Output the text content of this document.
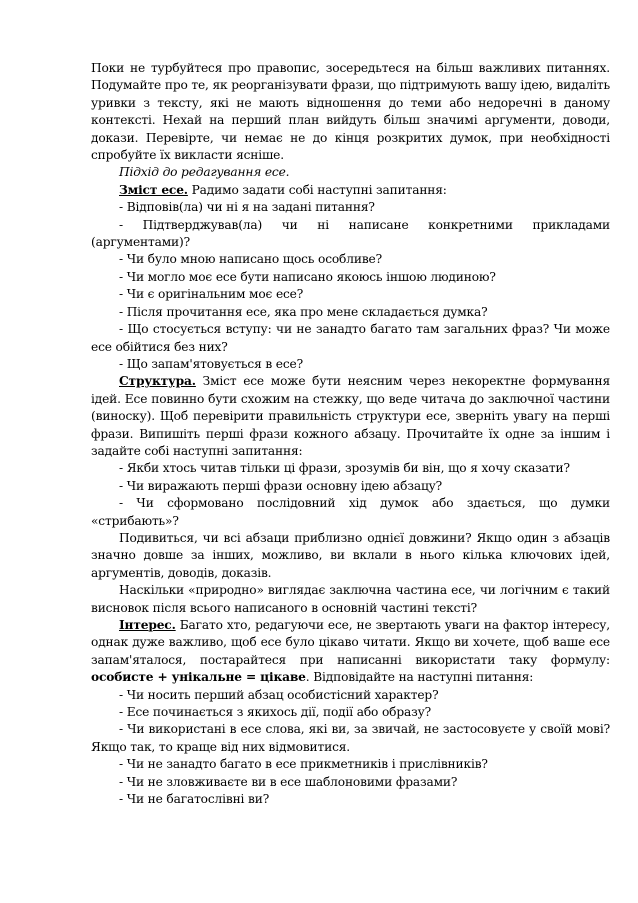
Поки не турбуйтеся про правопис, зосередьтеся на більш важливих питаннях. Подумайте про те, як реорганізувати фрази, що підтримують вашу ідею, видаліть уривки з тексту, які не мають відношення до теми або недоречні в даному контексті. Нехай на перший план вийдуть більш значимі аргументи, доводи, докази. Перевірте, чи немає не до кінця розкритих думок, при необхідності спробуйте їх викласти ясніше.

Підхід до редагування есе.

Зміст есе. Радимо задати собі наступні запитання:

- Відповів(ла) чи ні я на задані питання?

- Підтверджував(ла) чи ні написане конкретними прикладами (аргументами)?

- Чи було мною написано щось особливе?

- Чи могло моє есе бути написано якоюсь іншою людиною?

- Чи є оригінальним моє есе?

- Після прочитання есе, яка про мене складається думка?

- Що стосується вступу: чи не занадто багато там загальних фраз? Чи може есе обійтися без них?

- Що запам'ятовується в есе?

Структура. Зміст есе може бути неясним через некоректне формування ідей. Есе повинно бути схожим на стежку, що веде читача до заключної частини (виноску). Щоб перевірити правильність структури есе, зверніть увагу на перші фрази. Випишіть перші фрази кожного абзацу. Прочитайте їх одне за іншим і задайте собі наступні запитання:

- Якби хтось читав тільки ці фрази, зрозумів би він, що я хочу сказати?

- Чи виражають перші фрази основну ідею абзацу?

- Чи сформовано послідовний хід думок або здається, що думки «стрибають»?

Подивиться, чи всі абзаци приблизно однієї довжини? Якщо один з абзаців значно довше за інших, можливо, ви вклали в нього кілька ключових ідей, аргументів, доводів, доказів.

Наскільки «природно» виглядає заключна частина есе, чи логічним є такий висновок після всього написаного в основній частині тексті?

Інтерес. Багато хто, редагуючи есе, не звертають уваги на фактор інтересу, однак дуже важливо, щоб есе було цікаво читати. Якщо ви хочете, щоб ваше есе запам'яталося, постарайтеся при написанні використати таку формулу: особисте + унікальне = цікаве. Відповідайте на наступні питання:

- Чи носить перший абзац особистісний характер?

- Есе починається з якихось дії, події або образу?

- Чи використані в есе слова, які ви, за звичай, не застосовуєте у своїй мові? Якщо так, то краще від них відмовитися.

- Чи не занадто багато в есе прикметників і прислівників?

- Чи не зловживаєте ви в есе шаблоновими фразами?

- Чи не багатослівні ви?
